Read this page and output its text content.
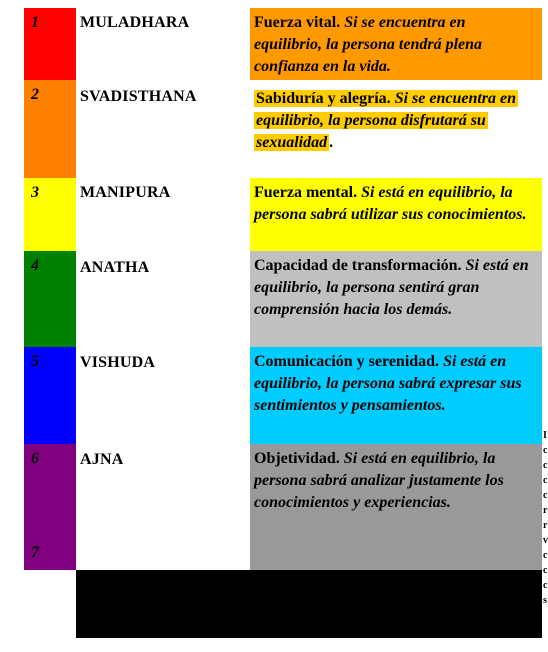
1
2
3
4
5
6
7
MULADHARA
SVADISTHANA
MANIPURA
ANATHA
VISHUDA
AJNA
Fuerza vital. Si se encuentra en equilibrio, la persona tendrá plena confianza en la vida.
Sabiduría y alegría. Si se encuentra en equilibrio, la persona disfrutará su sexualidad .
Fuerza mental. Si está en equilibrio, la persona sabrá utilizar sus conocimientos.
Capacidad de transformación. Si está en equilibrio, la persona sentirá gran comprensión hacia los demás.
Comunicación y serenidad. Si está en equilibrio, la persona sabrá expresar sus sentimientos y pensamientos.
Objetividad. Si está en equilibrio, la persona sabrá analizar justamente los conocimientos y experiencias.
I
c
c
c
c
r
r
v
c
c
c
s
